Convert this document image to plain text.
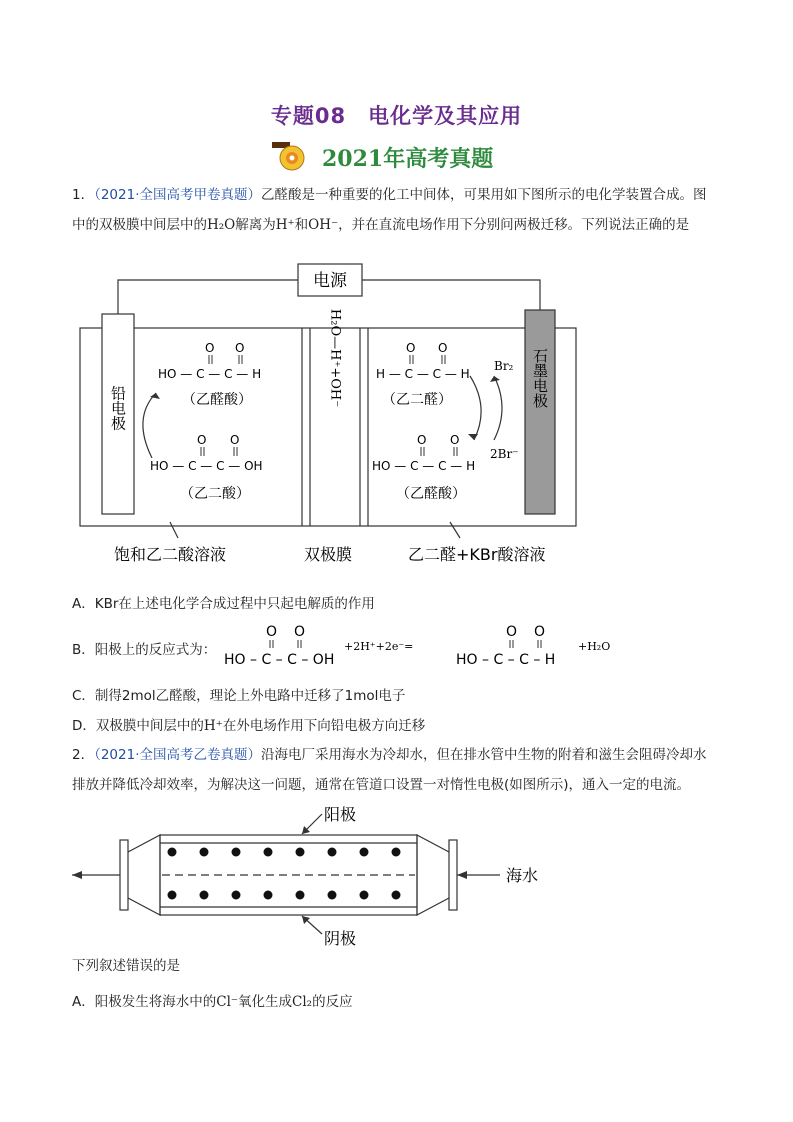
专题08　电化学及其应用
2021年高考真题
1．（2021·全国高考甲卷真题）乙醛酸是一种重要的化工中间体，可果用如下图所示的电化学装置合成。图
中的双极膜中间层中的H₂O解离为H⁺和OH⁻，并在直流电场作用下分别问两极迁移。下列说法正确的是
电源
铅电极	石墨电极
H₂O—H⁺+OH⁻
O O
HO — C — C — H
（乙醛酸）
O O
HO — C — C — OH
（乙二酸）
O O
H — C — C — H
（乙二醛）
Br₂
2Br⁻
O O
HO — C — C — H
（乙醛酸）
饱和乙二酸溶液	双极膜	乙二醛+KBr酸溶液
A．KBr在上述电化学合成过程中只起电解质的作用
B．阳极上的反应式为：
O O
HO – C – C – OH
O O
HO – C – C – H
+2H⁺+2e⁻=	+H₂O
C．制得2mol乙醛酸，理论上外电路中迁移了1mol电子
D．双极膜中间层中的H⁺在外电场作用下向铅电极方向迁移
2．（2021·全国高考乙卷真题）沿海电厂采用海水为冷却水，但在排水管中生物的附着和滋生会阻碍冷却水
排放并降低冷却效率，为解决这一问题，通常在管道口设置一对惰性电极(如图所示)，通入一定的电流。
阳极
阴极
海水
下列叙述错误的是
A．阳极发生将海水中的Cl⁻氧化生成Cl₂的反应
